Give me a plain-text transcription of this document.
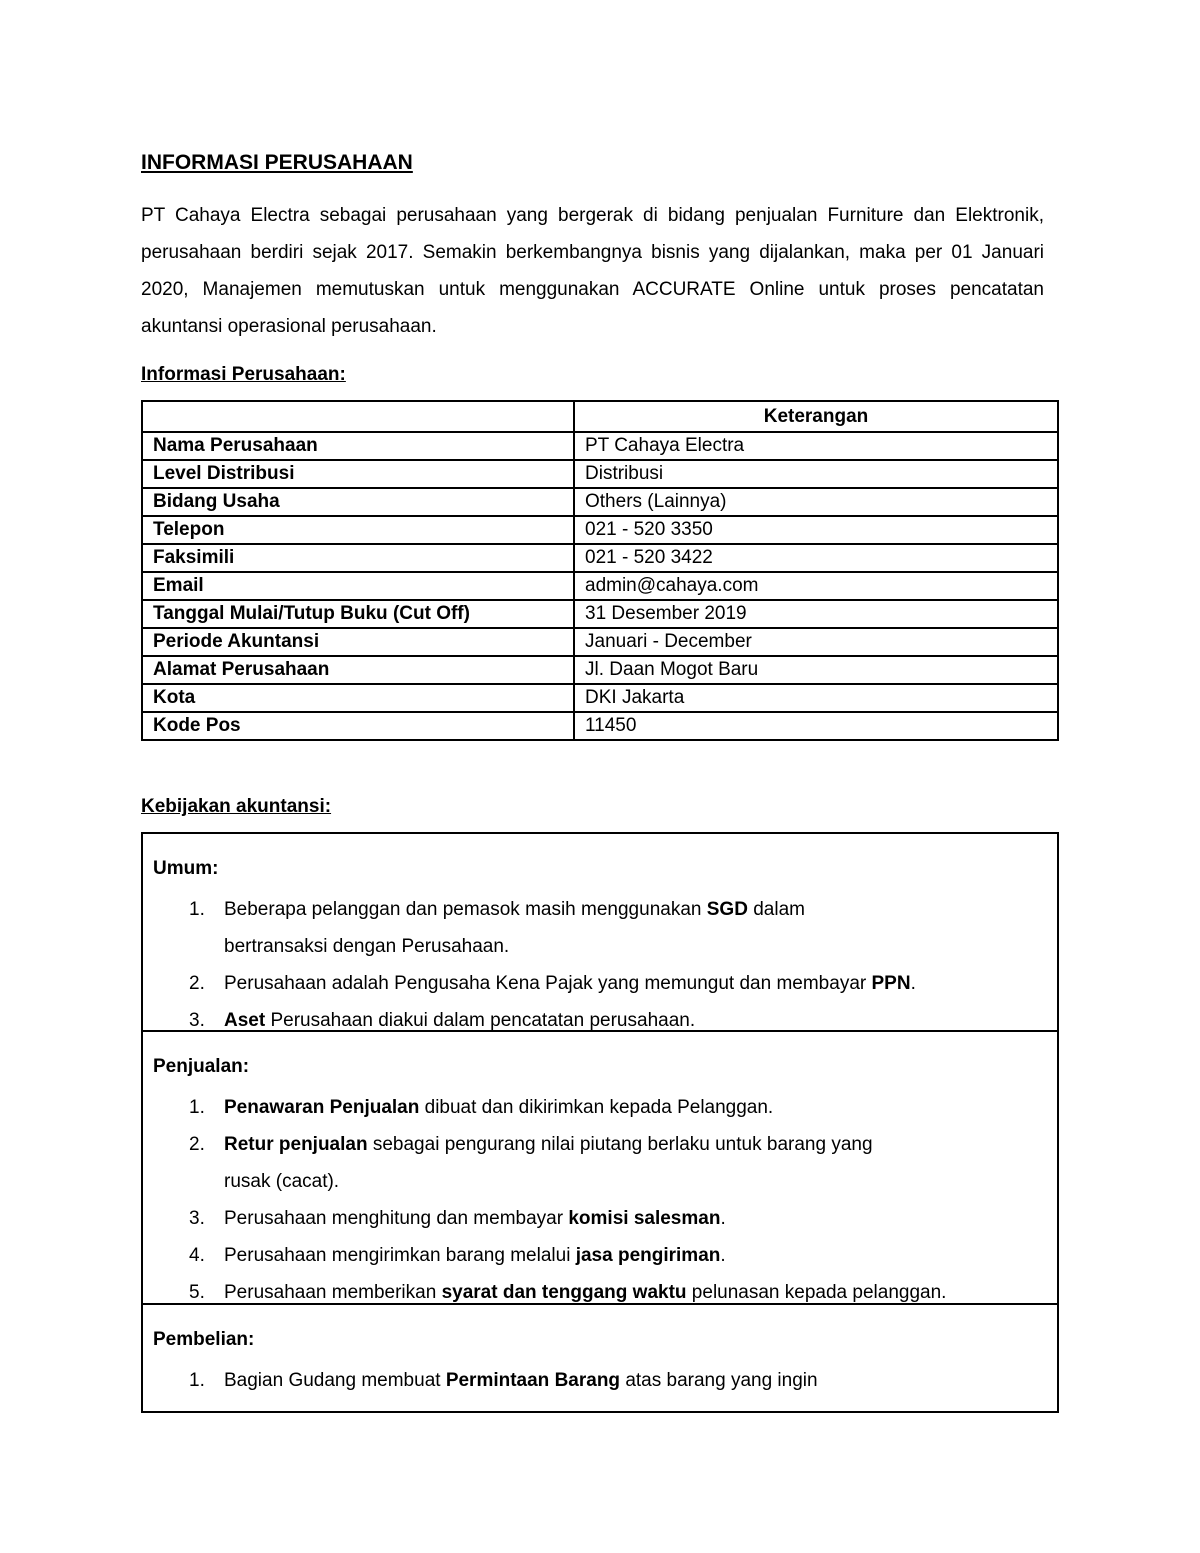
INFORMASI PERUSAHAAN

PT Cahaya Electra sebagai perusahaan yang bergerak di bidang penjualan Furniture dan Elektronik, perusahaan berdiri sejak 2017. Semakin berkembangnya bisnis yang dijalankan, maka per 01 Januari 2020, Manajemen memutuskan untuk menggunakan ACCURATE Online untuk proses pencatatan akuntansi operasional perusahaan.

Informasi Perusahaan:
	Keterangan
Nama Perusahaan	PT Cahaya Electra
Level Distribusi	Distribusi
Bidang Usaha	Others (Lainnya)
Telepon	021 - 520 3350
Faksimili	021 - 520 3422
Email	admin@cahaya.com
Tanggal Mulai/Tutup Buku (Cut Off)	31 Desember 2019
Periode Akuntansi	Januari - December
Alamat Perusahaan	Jl. Daan Mogot Baru
Kota	DKI Jakarta
Kode Pos	11450
Kebijakan akuntansi:
Umum:
1. Beberapa pelanggan dan pemasok masih menggunakan SGD dalam
bertransaksi dengan Perusahaan.
2. Perusahaan adalah Pengusaha Kena Pajak yang memungut dan membayar PPN.
3. Aset Perusahaan diakui dalam pencatatan perusahaan.
Penjualan:
1. Penawaran Penjualan dibuat dan dikirimkan kepada Pelanggan.
2. Retur penjualan sebagai pengurang nilai piutang berlaku untuk barang yang
rusak (cacat).
3. Perusahaan menghitung dan membayar komisi salesman.
4. Perusahaan mengirimkan barang melalui jasa pengiriman.
5. Perusahaan memberikan syarat dan tenggang waktu pelunasan kepada pelanggan.
Pembelian:
1. Bagian Gudang membuat Permintaan Barang atas barang yang ingin
